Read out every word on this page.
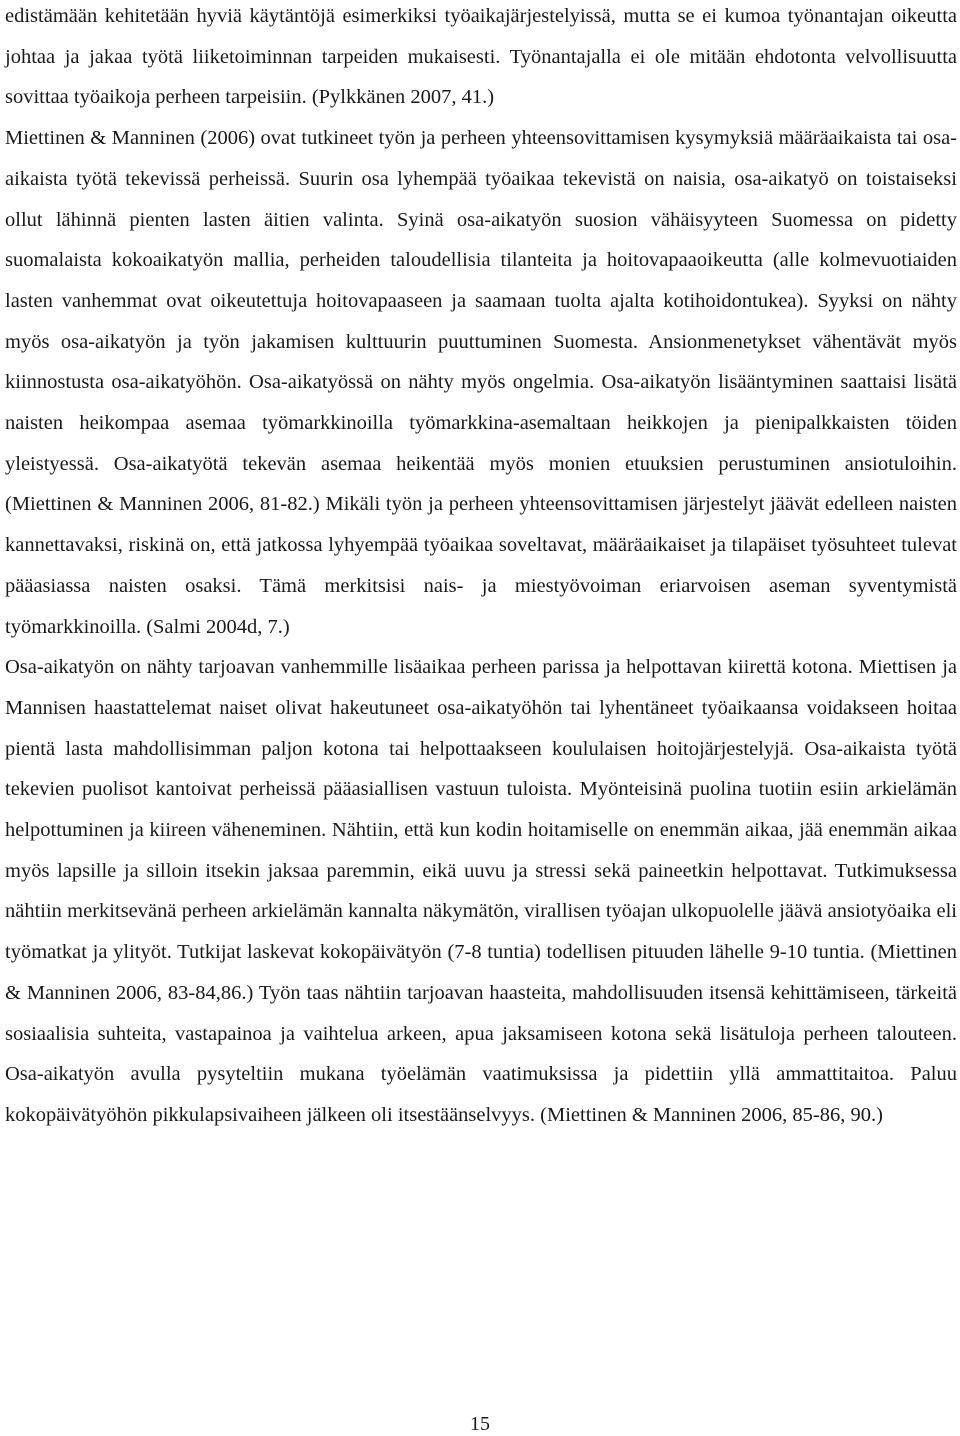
edistämään kehitetään hyviä käytäntöjä esimerkiksi työaikajärjestelyissä, mutta se ei kumoa työnantajan oikeutta johtaa ja jakaa työtä liiketoiminnan tarpeiden mukaisesti. Työnantajalla ei ole mitään ehdotonta velvollisuutta sovittaa työaikoja perheen tarpeisiin. (Pylkkänen 2007, 41.)

Miettinen & Manninen (2006) ovat tutkineet työn ja perheen yhteensovittamisen kysymyksiä määräaikaista tai osa-aikaista työtä tekevissä perheissä. Suurin osa lyhempää työaikaa tekevistä on naisia, osa-aikatyö on toistaiseksi ollut lähinnä pienten lasten äitien valinta. Syinä osa-aikatyön suosion vähäisyyteen Suomessa on pidetty suomalaista kokoaikatyön mallia, perheiden taloudellisia tilanteita ja hoitovapaaoikeutta (alle kolmevuotiaiden lasten vanhemmat ovat oikeutettuja hoitovapaaseen ja saamaan tuolta ajalta kotihoidontukea). Syyksi on nähty myös osa-aikatyön ja työn jakamisen kulttuurin puuttuminen Suomesta. Ansionmenetykset vähentävät myös kiinnostusta osa-aikatyöhön. Osa-aikatyössä on nähty myös ongelmia. Osa-aikatyön lisääntyminen saattaisi lisätä naisten heikompaa asemaa työmarkkinoilla työmarkkina-asemaltaan heikkojen ja pienipalkkaisten töiden yleistyessä. Osa-aikatyötä tekevän asemaa heikentää myös monien etuuksien perustuminen ansiotuloihin. (Miettinen & Manninen 2006, 81-82.) Mikäli työn ja perheen yhteensovittamisen järjestelyt jäävät edelleen naisten kannettavaksi, riskinä on, että jatkossa lyhyempää työaikaa soveltavat, määräaikaiset ja tilapäiset työsuhteet tulevat pääasiassa naisten osaksi. Tämä merkitsisi nais- ja miestyövoiman eriarvoisen aseman syventymistä työmarkkinoilla. (Salmi 2004d, 7.)

Osa-aikatyön on nähty tarjoavan vanhemmille lisäaikaa perheen parissa ja helpottavan kiirettä kotona. Miettisen ja Mannisen haastattelemat naiset olivat hakeutuneet osa-aikatyöhön tai lyhentäneet työaikaansa voidakseen hoitaa pientä lasta mahdollisimman paljon kotona tai helpottaakseen koululaisen hoitojärjestelyjä. Osa-aikaista työtä tekevien puolisot kantoivat perheissä pääasiallisen vastuun tuloista. Myönteisinä puolina tuotiin esiin arkielämän helpottuminen ja kiireen väheneminen. Nähtiin, että kun kodin hoitamiselle on enemmän aikaa, jää enemmän aikaa myös lapsille ja silloin itsekin jaksaa paremmin, eikä uuvu ja stressi sekä paineetkin helpottavat. Tutkimuksessa nähtiin merkitsevänä perheen arkielämän kannalta näkymätön, virallisen työajan ulkopuolelle jäävä ansiotyöaika eli työmatkat ja ylityöt. Tutkijat laskevat kokopäivätyön (7-8 tuntia) todellisen pituuden lähelle 9-10 tuntia. (Miettinen & Manninen 2006, 83-84,86.) Työn taas nähtiin tarjoavan haasteita, mahdollisuuden itsensä kehittämiseen, tärkeitä sosiaalisia suhteita, vastapainoa ja vaihtelua arkeen, apua jaksamiseen kotona sekä lisätuloja perheen talouteen. Osa-aikatyön avulla pysyteltiin mukana työelämän vaatimuksissa ja pidettiin yllä ammattitaitoa. Paluu kokopäivätyöhön pikkulapsivaiheen jälkeen oli itsestäänselvyys. (Miettinen & Manninen 2006, 85-86, 90.)

15
